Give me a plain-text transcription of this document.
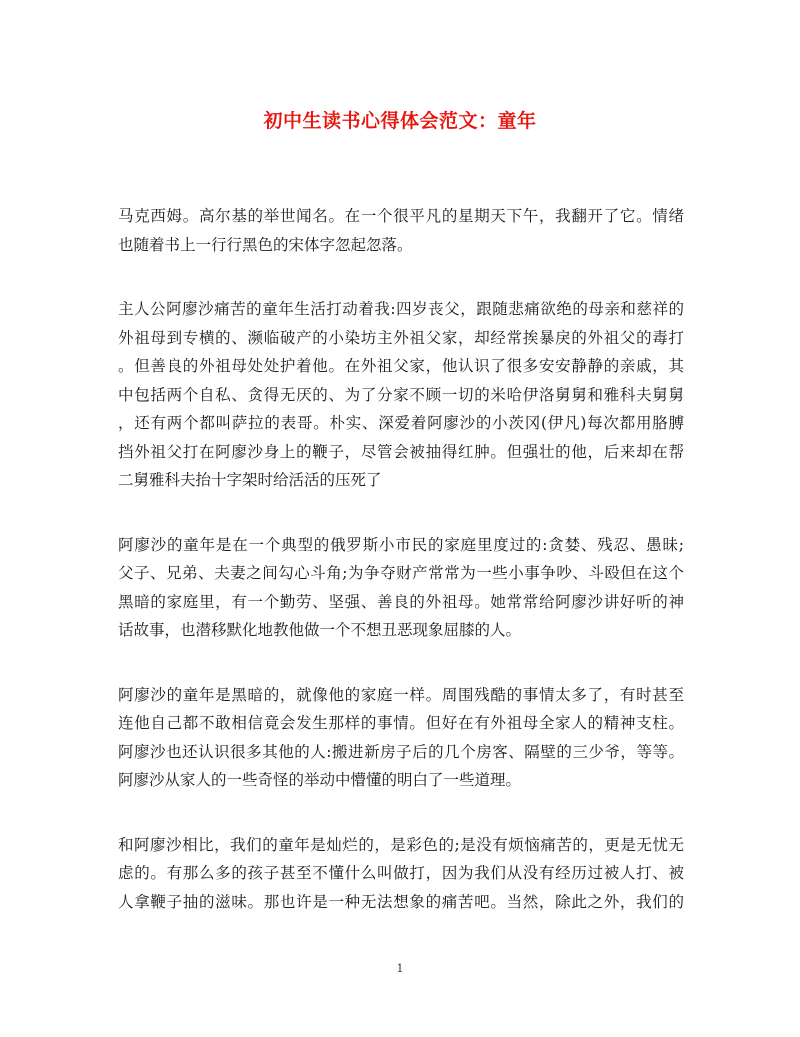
初中生读书心得体会范文：童年
马克西姆。高尔基的举世闻名。在一个很平凡的星期天下午，我翻开了它。情绪
也随着书上一行行黑色的宋体字忽起忽落。
主人公阿廖沙痛苦的童年生活打动着我:四岁丧父，跟随悲痛欲绝的母亲和慈祥的
外祖母到专横的、濒临破产的小染坊主外祖父家，却经常挨暴戾的外祖父的毒打
。但善良的外祖母处处护着他。在外祖父家，他认识了很多安安静静的亲戚，其
中包括两个自私、贪得无厌的、为了分家不顾一切的米哈伊洛舅舅和雅科夫舅舅
，还有两个都叫萨拉的表哥。朴实、深爱着阿廖沙的小茨冈(伊凡)每次都用胳膊
挡外祖父打在阿廖沙身上的鞭子，尽管会被抽得红肿。但强壮的他，后来却在帮
二舅雅科夫抬十字架时给活活的压死了
阿廖沙的童年是在一个典型的俄罗斯小市民的家庭里度过的:贪婪、残忍、愚昧;
父子、兄弟、夫妻之间勾心斗角;为争夺财产常常为一些小事争吵、斗殴但在这个
黑暗的家庭里，有一个勤劳、坚强、善良的外祖母。她常常给阿廖沙讲好听的神
话故事，也潜移默化地教他做一个不想丑恶现象屈膝的人。
阿廖沙的童年是黑暗的，就像他的家庭一样。周围残酷的事情太多了，有时甚至
连他自己都不敢相信竟会发生那样的事情。但好在有外祖母全家人的精神支柱。
阿廖沙也还认识很多其他的人:搬进新房子后的几个房客、隔壁的三少爷，等等。
阿廖沙从家人的一些奇怪的举动中懵懂的明白了一些道理。
和阿廖沙相比，我们的童年是灿烂的，是彩色的;是没有烦恼痛苦的，更是无忧无
虑的。有那么多的孩子甚至不懂什么叫做打，因为我们从没有经历过被人打、被
人拿鞭子抽的滋味。那也许是一种无法想象的痛苦吧。当然，除此之外，我们的
1
